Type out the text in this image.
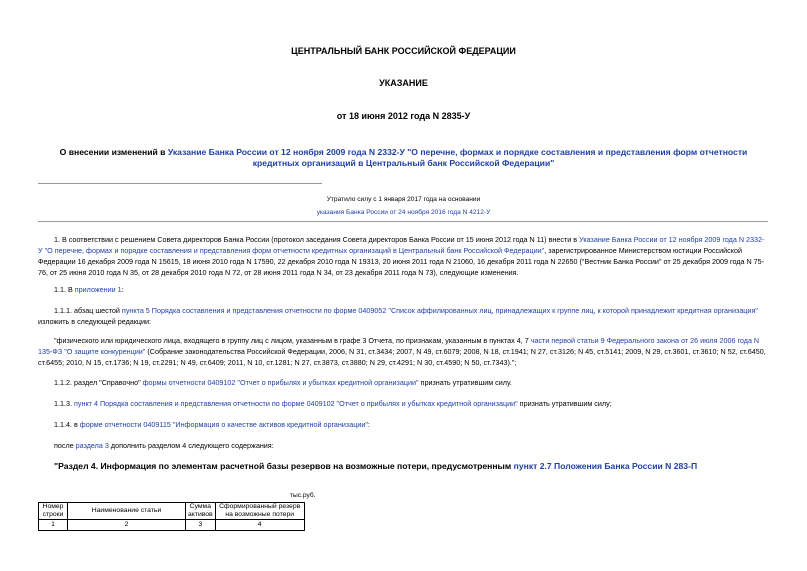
ЦЕНТРАЛЬНЫЙ БАНК РОССИЙСКОЙ ФЕДЕРАЦИИ
УКАЗАНИЕ
от 18 июня 2012 года N 2835-У
О внесении изменений в Указание Банка России от 12 ноября 2009 года N 2332-У "О перечне, формах и порядке составления и представления форм отчетности кредитных организаций в Центральный банк Российской Федерации"
Утратило силу с 1 января 2017 года на основании
указания Банка России от 24 ноября 2016 года N 4212-У
1. В соответствии с решением Совета директоров Банка России (протокол заседания Совета директоров Банка России от 15 июня 2012 года N 11) внести в Указание Банка России от 12 ноября 2009 года N 2332-У "О перечне, формах и порядке составления и представления форм отчетности кредитных организаций в Центральный банк Российской Федерации", зарегистрированное Министерством юстиции Российской Федерации 16 декабря 2009 года N 15615, 18 июня 2010 года N 17590, 22 декабря 2010 года N 19313, 20 июня 2011 года N 21060, 16 декабря 2011 года N 22650 ("Вестник Банка России" от 25 декабря 2009 года N 75-76, от 25 июня 2010 года N 35, от 28 декабря 2010 года N 72, от 28 июня 2011 года N 34, от 23 декабря 2011 года N 73), следующие изменения.
1.1. В приложении 1:
1.1.1. абзац шестой пункта 5 Порядка составления и представления отчетности по форме 0409052 "Список аффилированных лиц, принадлежащих к группе лиц, к которой принадлежит кредитная организация" изложить в следующей редакции:
"физического или юридического лица, входящего в группу лиц с лицом, указанным в графе 3 Отчета, по признакам, указанным в пунктах 4, 7 части первой статьи 9 Федерального закона от 26 июля 2006 года N 135-ФЗ "О защите конкуренции" (Собрание законодательства Российской Федерации, 2006, N 31, ст.3434; 2007, N 49, ст.6079; 2008, N 18, ст.1941; N 27, ст.3126; N 45, ст.5141; 2009, N 29, ст.3601, ст.3610; N 52, ст.6450, ст.6455; 2010, N 15, ст.1736; N 19, ст.2291; N 49, ст.6409; 2011, N 10, ст.1281; N 27, ст.3873, ст.3880; N 29, ст.4291; N 30, ст.4590; N 50, ст.7343).";
1.1.2. раздел "Справочно" формы отчетности 0409102 "Отчет о прибылях и убытках кредитной организации" признать утратившим силу.
1.1.3. пункт 4 Порядка составления и представления отчетности по форме 0409102 "Отчет о прибылях и убытках кредитной организации" признать утратившим силу;
1.1.4. в форме отчетности 0409115 "Информация о качестве активов кредитной организации":
после раздела 3 дополнить разделом 4 следующего содержания:
"Раздел 4. Информация по элементам расчетной базы резервов на возможные потери, предусмотренным пункт 2.7 Положения Банка России N 283-П
тыс.руб.
Номер строки	Наименование статьи	Сумма активов	Сформированный резерв на возможные потери
1	2	3	4
